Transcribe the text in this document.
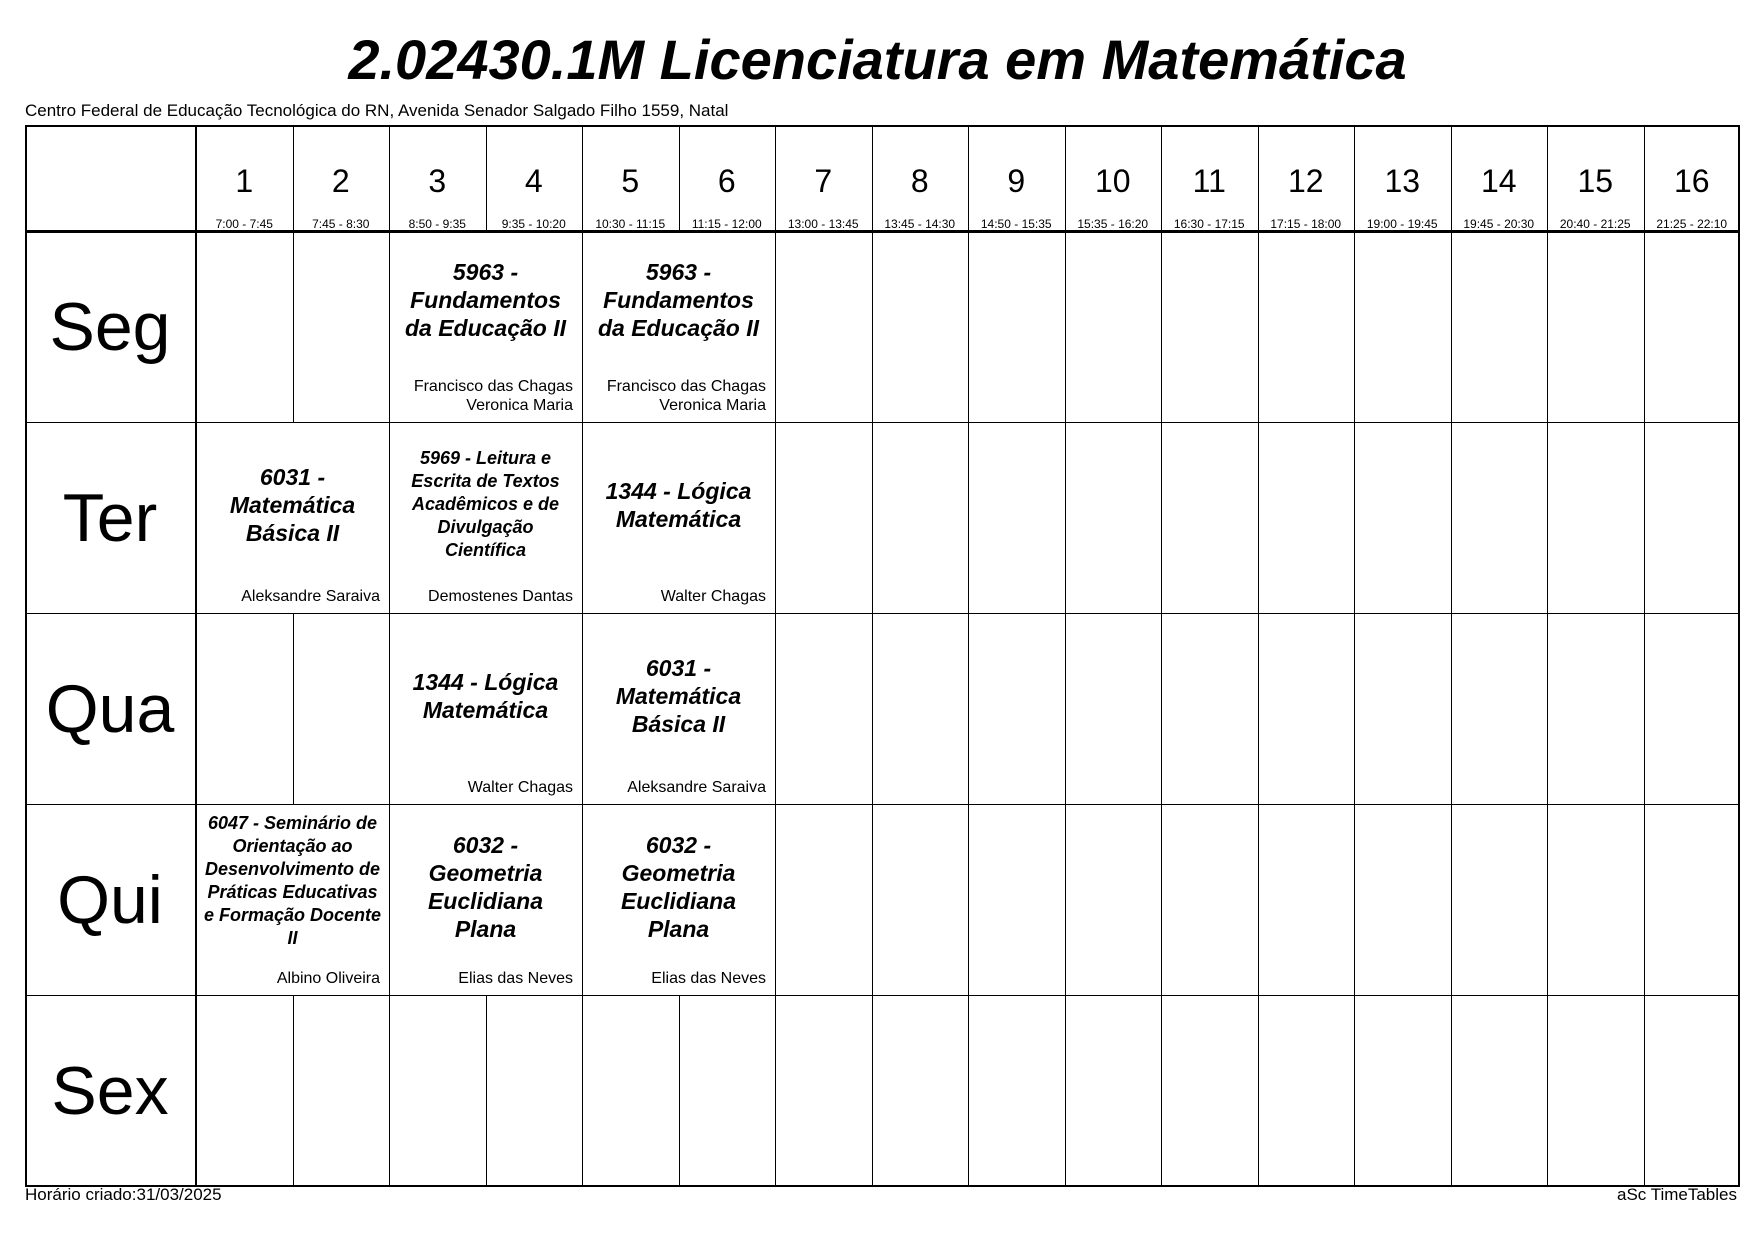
2.02430.1M Licenciatura em Matemática
Centro Federal de Educação Tecnológica do RN, Avenida Senador Salgado Filho 1559, Natal
1
7:00 - 7:45
2
7:45 - 8:30
3
8:50 - 9:35
4
9:35 - 10:20
5
10:30 - 11:15
6
11:15 - 12:00
7
13:00 - 13:45
8
13:45 - 14:30
9
14:50 - 15:35
10
15:35 - 16:20
11
16:30 - 17:15
12
17:15 - 18:00
13
19:00 - 19:45
14
19:45 - 20:30
15
20:40 - 21:25
16
21:25 - 22:10
Seg
Ter
Qua
Qui
Sex
5963 - Fundamentos da Educação II
Francisco das Chagas
Veronica Maria
5963 - Fundamentos da Educação II
Francisco das Chagas
Veronica Maria
6031 - Matemática Básica II
Aleksandre Saraiva
5969 - Leitura e Escrita de Textos Acadêmicos e de Divulgação Científica
Demostenes Dantas
1344 - Lógica Matemática
Walter Chagas
1344 - Lógica Matemática
Walter Chagas
6031 - Matemática Básica II
Aleksandre Saraiva
6047 - Seminário de Orientação ao Desenvolvimento de Práticas Educativas e Formação Docente II
Albino Oliveira
6032 - Geometria Euclidiana Plana
Elias das Neves
6032 - Geometria Euclidiana Plana
Elias das Neves
Horário criado:31/03/2025	aSc TimeTables
